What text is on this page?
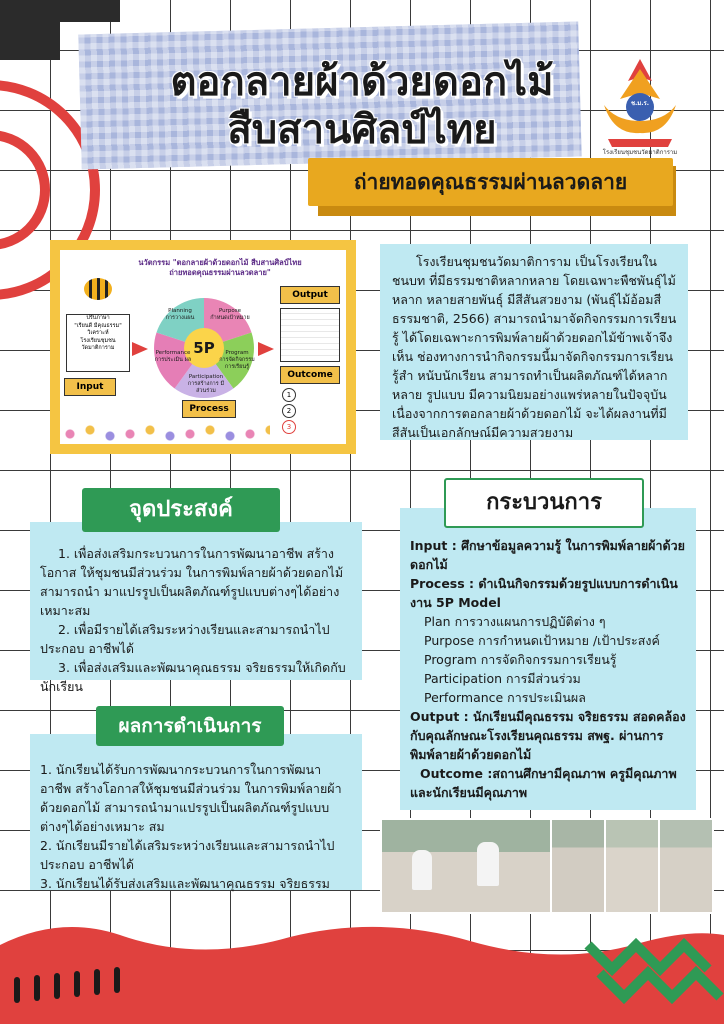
ตอกลายผ้าด้วยดอกไม้
สืบสานศิลป์ไทย
ถ่ายทอดคุณธรรมผ่านลวดลาย
ช.ม.ร.
โรงเรียนชุมชนวัดมาติการาม
นวัตกรรม "ตอกลายผ้าด้วยดอกไม้ สืบสานศิลป์ไทย
ถ่ายทอดคุณธรรมผ่านลวดลาย"
ปรับภาษา
"เรียนดี มีคุณธรรม"
วิเคราะห์
โรงเรียนชุมชน
วัดมาติการาม
Input
5P
Planning
การวางแผน
Purpose
กำหนดเป้าหมาย
Program
การจัดกิจกรรม การเรียนรู้
Participation
การสร้างการ มีส่วนร่วม
Performance
การประเมิน ผล
Process
Output
Outcome
1
2
3
โรงเรียนชุมชนวัดมาติการาม เป็นโรงเรียนในชนบท ที่มีธรรมชาติหลากหลาย โดยเฉพาะพืชพันธุ์ไม้หลาก หลายสายพันธุ์ มีสีสันสวยงาม (พันธุ์ไม้อ้อมสี ธรรมชาติ, 2566) สามารถนำมาจัดกิจกรรมการเรียนรู้ ได้โดยเฉพาะการพิมพ์ลายผ้าด้วยดอกไม้ข้าพเจ้าจึงเห็น ช่องทางการนำกิจกรรมนี้มาจัดกิจกรรมการเรียนรู้สำ หนับนักเรียน สามารถทำเป็นผลิตภัณฑ์ได้หลากหลาย รูปแบบ มีความนิยมอย่างแพร่หลายในปัจจุบัน เนื่องจากการตอกลายผ้าด้วยดอกไม้ จะได้ผลงานที่มี สีสันเป็นเอกลักษณ์มีความสวยงาม
1. เพื่อส่งเสริมกระบวนการในการพัฒนาอาชีพ สร้างโอกาส ให้ชุมชนมีส่วนร่วม ในการพิมพ์ลายผ้าด้วยดอกไม้ สามารถนำ มาแปรรูปเป็นผลิตภัณฑ์รูปแบบต่างๆได้อย่างเหมาะสม
2. เพื่อมีรายได้เสริมระหว่างเรียนและสามารถนำไปประกอบ อาชีพได้
3. เพื่อส่งเสริมและพัฒนาคุณธรรม จริยธรรมให้เกิดกับ นักเรียน
จุดประสงค์
1. นักเรียนได้รับการพัฒนากระบวนการในการพัฒนาอาชีพ สร้างโอกาสให้ชุมชนมีส่วนร่วม ในการพิมพ์ลายผ้าด้วยดอกไม้ สามารถนำมาแปรรูปเป็นผลิตภัณฑ์รูปแบบต่างๆได้อย่างเหมาะ สม
2. นักเรียนมีรายได้เสริมระหว่างเรียนและสามารถนำไปประกอบ อาชีพได้
3. นักเรียนได้รับส่งเสริมและพัฒนาคุณธรรม จริยธรรม
ผลการดำเนินการ
Input : ศึกษาข้อมูลความรู้ ในการพิมพ์ลายผ้าด้วยดอกไม้
Process : ดำเนินกิจกรรมด้วยรูปแบบการดำเนินงาน 5P Model
Plan การวางแผนการปฏิบัติต่าง ๆ
Purpose การกำหนดเป้าหมาย /เป้าประสงค์
Program การจัดกิจกรรมการเรียนรู้
Participation การมีส่วนร่วม
Performance การประเมินผล
Output : นักเรียนมีคุณธรรม จริยธรรม สอดคล้องกับคุณลักษณะโรงเรียนคุณธรรม สพฐ. ผ่านการพิมพ์ลายผ้าด้วยดอกไม้
Outcome :สถานศึกษามีคุณภาพ ครูมีคุณภาพ และนักเรียนมีคุณภาพ
กระบวนการ
